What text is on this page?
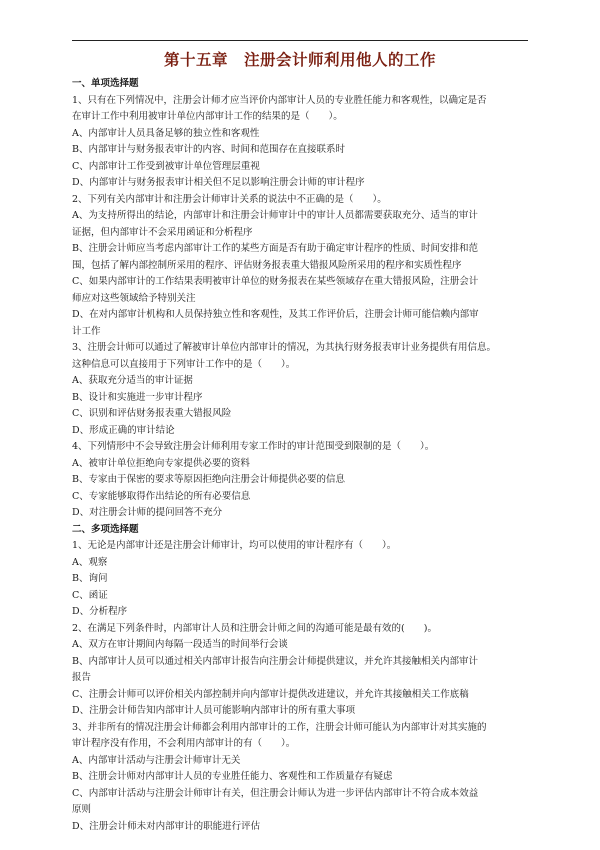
第十五章　注册会计师利用他人的工作

一、单项选择题

1、只有在下列情况中，注册会计师才应当评价内部审计人员的专业胜任能力和客观性，以确定是否

在审计工作中利用被审计单位内部审计工作的结果的是（　　）。

A、内部审计人员具备足够的独立性和客观性

B、内部审计与财务报表审计的内容、时间和范围存在直接联系时

C、内部审计工作受到被审计单位管理层重视

D、内部审计与财务报表审计相关但不足以影响注册会计师的审计程序

2、下列有关内部审计和注册会计师审计关系的说法中不正确的是（　　）。

A、为支持所得出的结论，内部审计和注册会计师审计中的审计人员都需要获取充分、适当的审计

证据，但内部审计不会采用函证和分析程序

B、注册会计师应当考虑内部审计工作的某些方面是否有助于确定审计程序的性质、时间安排和范

围，包括了解内部控制所采用的程序、评估财务报表重大错报风险所采用的程序和实质性程序

C、如果内部审计的工作结果表明被审计单位的财务报表在某些领域存在重大错报风险，注册会计

师应对这些领域给予特别关注

D、在对内部审计机构和人员保持独立性和客观性，及其工作评价后，注册会计师可能信赖内部审

计工作

3、注册会计师可以通过了解被审计单位内部审计的情况，为其执行财务报表审计业务提供有用信息。

这种信息可以直接用于下列审计工作中的是（　　）。

A、获取充分适当的审计证据

B、设计和实施进一步审计程序

C、识别和评估财务报表重大错报风险

D、形成正确的审计结论

4、下列情形中不会导致注册会计师利用专家工作时的审计范围受到限制的是（　　）。

A、被审计单位拒绝向专家提供必要的资料

B、专家由于保密的要求等原因拒绝向注册会计师提供必要的信息

C、专家能够取得作出结论的所有必要信息

D、对注册会计师的提问回答不充分

二、多项选择题

1、无论是内部审计还是注册会计师审计，均可以使用的审计程序有（　　）。

A、观察

B、询问

C、函证

D、分析程序

2、在满足下列条件时，内部审计人员和注册会计师之间的沟通可能是最有效的(　　)。

A、双方在审计期间内每隔一段适当的时间举行会谈

B、内部审计人员可以通过相关内部审计报告向注册会计师提供建议，并允许其接触相关内部审计

报告

C、注册会计师可以评价相关内部控制并向内部审计提供改进建议，并允许其接触相关工作底稿

D、注册会计师告知内部审计人员可能影响内部审计的所有重大事项

3、并非所有的情况注册会计师都会利用内部审计的工作，注册会计师可能认为内部审计对其实施的

审计程序没有作用，不会利用内部审计的有（　　）。

A、内部审计活动与注册会计师审计无关

B、注册会计师对内部审计人员的专业胜任能力、客观性和工作质量存有疑虑

C、内部审计活动与注册会计师审计有关，但注册会计师认为进一步评估内部审计不符合成本效益

原则

D、注册会计师未对内部审计的职能进行评估
